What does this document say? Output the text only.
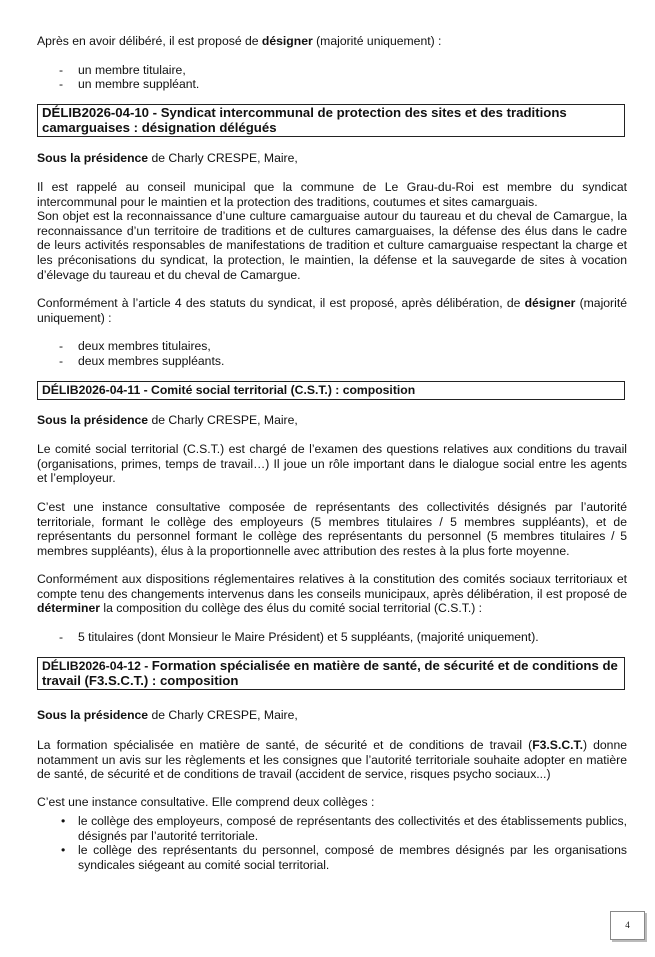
Après en avoir délibéré, il est proposé de désigner (majorité uniquement) :

- un membre titulaire,
- un membre suppléant.
DÉLIB2026-04-10 - Syndicat intercommunal de protection des sites et des traditions camarguaises : désignation délégués

Sous la présidence de Charly CRESPE, Maire,

Il est rappelé au conseil municipal que la commune de Le Grau-du-Roi est membre du syndicat intercommunal pour le maintien et la protection des traditions, coutumes et sites camarguais.

Son objet est la reconnaissance d’une culture camarguaise autour du taureau et du cheval de Camargue, la reconnaissance d’un territoire de traditions et de cultures camarguaises, la défense des élus dans le cadre de leurs activités responsables de manifestations de tradition et culture camarguaise respectant la charge et les préconisations du syndicat, la protection, le maintien, la défense et la sauvegarde de sites à vocation d’élevage du taureau et du cheval de Camargue.

Conformément à l’article 4 des statuts du syndicat, il est proposé, après délibération, de désigner (majorité uniquement) :

- deux membres titulaires,
- deux membres suppléants.
DÉLIB2026-04-11 - Comité social territorial (C.S.T.) : composition

Sous la présidence de Charly CRESPE, Maire,

Le comité social territorial (C.S.T.) est chargé de l’examen des questions relatives aux conditions du travail (organisations, primes, temps de travail…) Il joue un rôle important dans le dialogue social entre les agents et l’employeur.

C’est une instance consultative composée de représentants des collectivités désignés par l’autorité territoriale, formant le collège des employeurs (5 membres titulaires / 5 membres suppléants), et de représentants du personnel formant le collège des représentants du personnel (5 membres titulaires / 5 membres suppléants), élus à la proportionnelle avec attribution des restes à la plus forte moyenne.

Conformément aux dispositions réglementaires relatives à la constitution des comités sociaux territoriaux et compte tenu des changements intervenus dans les conseils municipaux, après délibération, il est proposé de déterminer la composition du collège des élus du comité social territorial (C.S.T.) :

- 5 titulaires (dont Monsieur le Maire Président) et 5 suppléants, (majorité uniquement).
DÉLIB2026-04-12 - Formation spécialisée en matière de santé, de sécurité et de conditions de travail (F3.S.C.T.) : composition

Sous la présidence de Charly CRESPE, Maire,

La formation spécialisée en matière de santé, de sécurité et de conditions de travail (F3.S.C.T.) donne notamment un avis sur les règlements et les consignes que l’autorité territoriale souhaite adopter en matière de santé, de sécurité et de conditions de travail (accident de service, risques psycho sociaux...)

C’est une instance consultative. Elle comprend deux collèges :

• le collège des employeurs, composé de représentants des collectivités et des établissements publics, désignés par l’autorité territoriale.
• le collège des représentants du personnel, composé de membres désignés par les organisations syndicales siégeant au comité social territorial.
4
